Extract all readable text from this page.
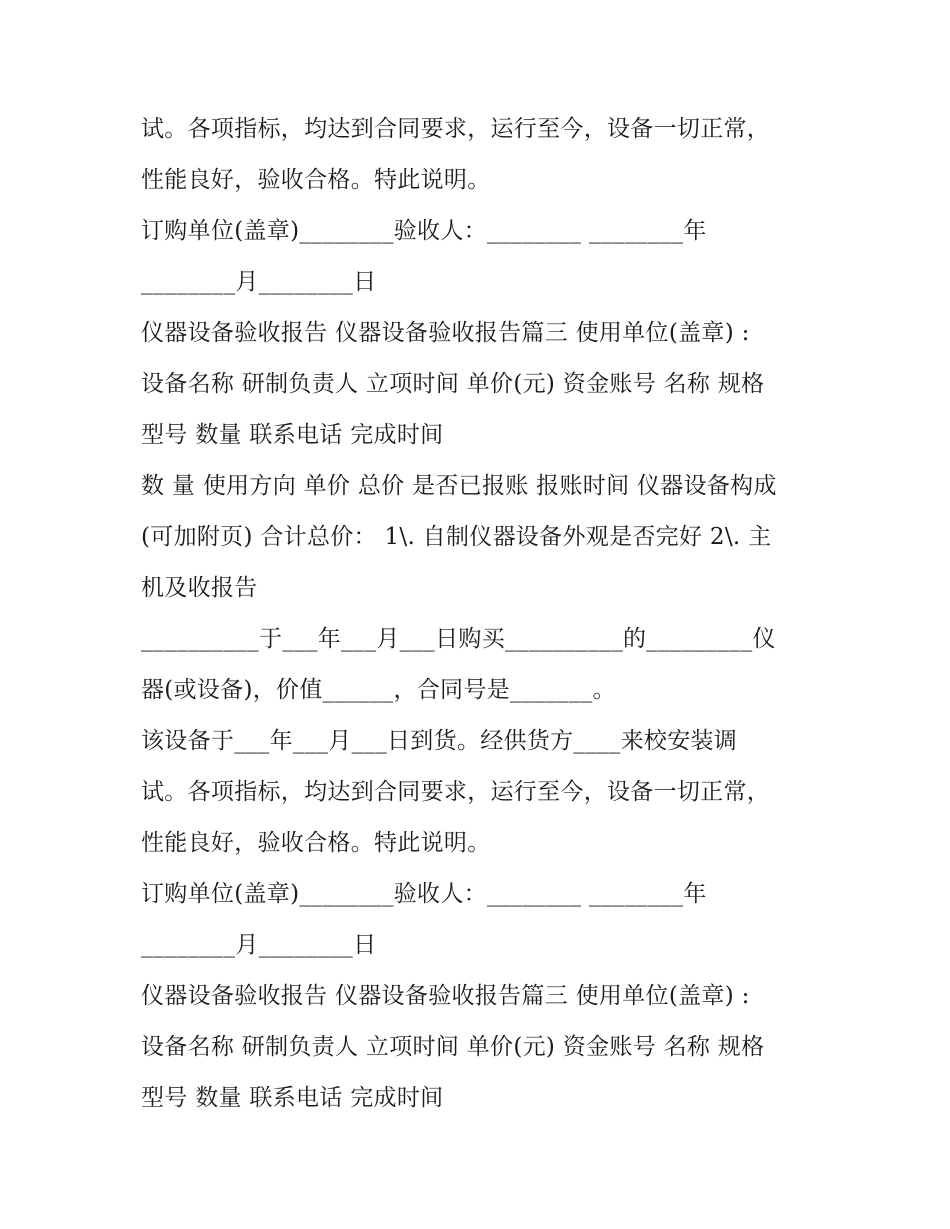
试。各项指标，均达到合同要求，运行至今，设备一切正常，
性能良好，验收合格。特此说明。
订购单位(盖章)________验收人：________ ________年
________月________日
仪器设备验收报告 仪器设备验收报告篇三 使用单位(盖章) :
设备名称 研制负责人 立项时间 单价(元) 资金账号 名称 规格
型号 数量 联系电话 完成时间
数 量 使用方向 单价 总价 是否已报账 报账时间 仪器设备构成
(可加附页) 合计总价： 1\. 自制仪器设备外观是否完好 2\. 主
机及收报告
__________于___年___月___日购买__________的_________仪
器(或设备)，价值______，合同号是_______。
该设备于___年___月___日到货。经供货方____来校安装调
试。各项指标，均达到合同要求，运行至今，设备一切正常，
性能良好，验收合格。特此说明。
订购单位(盖章)________验收人：________ ________年
________月________日
仪器设备验收报告 仪器设备验收报告篇三 使用单位(盖章) :
设备名称 研制负责人 立项时间 单价(元) 资金账号 名称 规格
型号 数量 联系电话 完成时间
